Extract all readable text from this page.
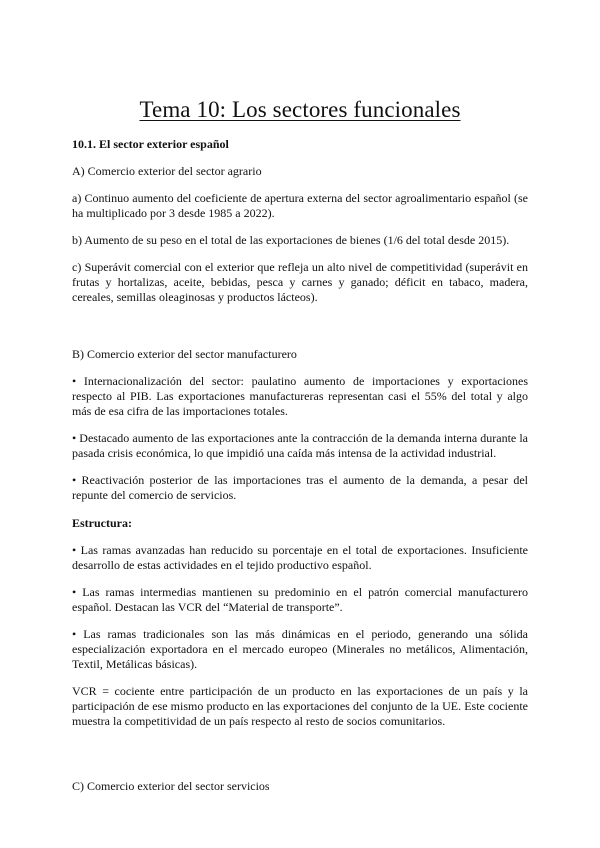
Tema 10: Los sectores funcionales
10.1. El sector exterior español
A) Comercio exterior del sector agrario

a) Continuo aumento del coeficiente de apertura externa del sector agroalimentario español (se ha multiplicado por 3 desde 1985 a 2022).

b) Aumento de su peso en el total de las exportaciones de bienes (1/6 del total desde 2015).

c) Superávit comercial con el exterior que refleja un alto nivel de competitividad (superávit en frutas y hortalizas, aceite, bebidas, pesca y carnes y ganado; déficit en tabaco, madera, cereales, semillas oleaginosas y productos lácteos).

B) Comercio exterior del sector manufacturero

• Internacionalización del sector: paulatino aumento de importaciones y exportaciones respecto al PIB. Las exportaciones manufactureras representan casi el 55% del total y algo más de esa cifra de las importaciones totales.

• Destacado aumento de las exportaciones ante la contracción de la demanda interna durante la pasada crisis económica, lo que impidió una caída más intensa de la actividad industrial.

• Reactivación posterior de las importaciones tras el aumento de la demanda, a pesar del repunte del comercio de servicios.

Estructura:

• Las ramas avanzadas han reducido su porcentaje en el total de exportaciones. Insuficiente desarrollo de estas actividades en el tejido productivo español.

• Las ramas intermedias mantienen su predominio en el patrón comercial manufacturero español. Destacan las VCR del “Material de transporte”.

• Las ramas tradicionales son las más dinámicas en el periodo, generando una sólida especialización exportadora en el mercado europeo (Minerales no metálicos, Alimentación, Textil, Metálicas básicas).

VCR = cociente entre participación de un producto en las exportaciones de un país y la participación de ese mismo producto en las exportaciones del conjunto de la UE. Este cociente muestra la competitividad de un país respecto al resto de socios comunitarios.

C) Comercio exterior del sector servicios
